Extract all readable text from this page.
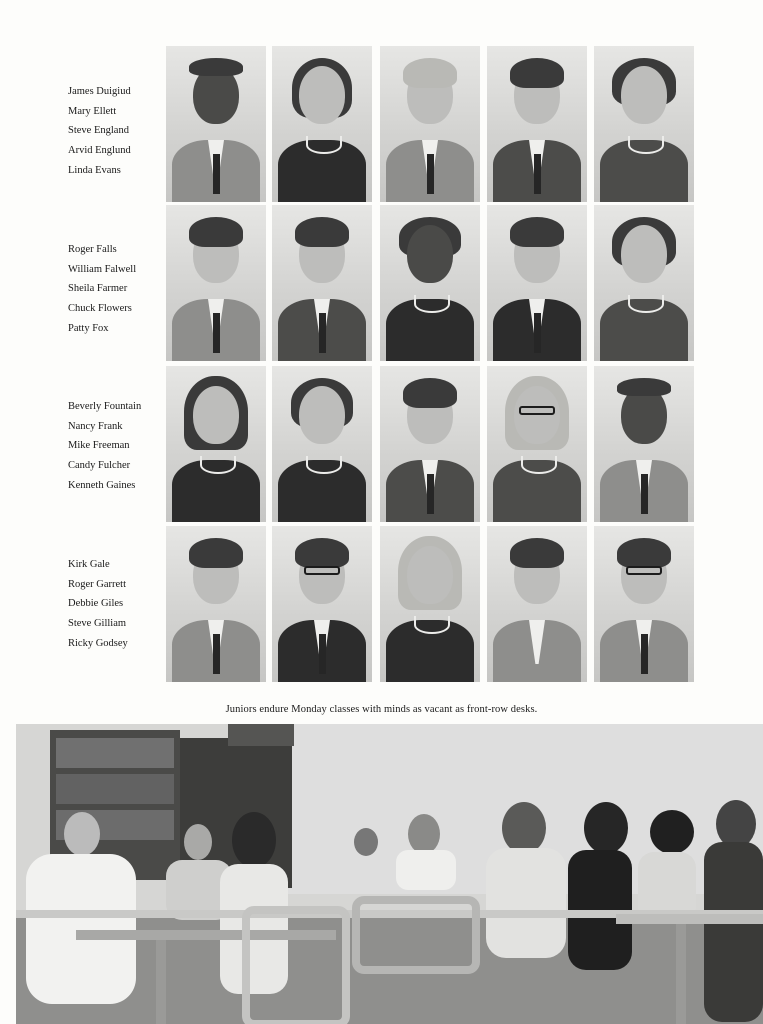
James Duigiud
Mary Ellett
Steve England
Arvid Englund
Linda Evans
Roger Falls
William Falwell
Sheila Farmer
Chuck Flowers
Patty Fox
Beverly Fountain
Nancy Frank
Mike Freeman
Candy Fulcher
Kenneth Gaines
Kirk Gale
Roger Garrett
Debbie Giles
Steve Gilliam
Ricky Godsey
Juniors endure Monday classes with minds as vacant as front-row desks.
